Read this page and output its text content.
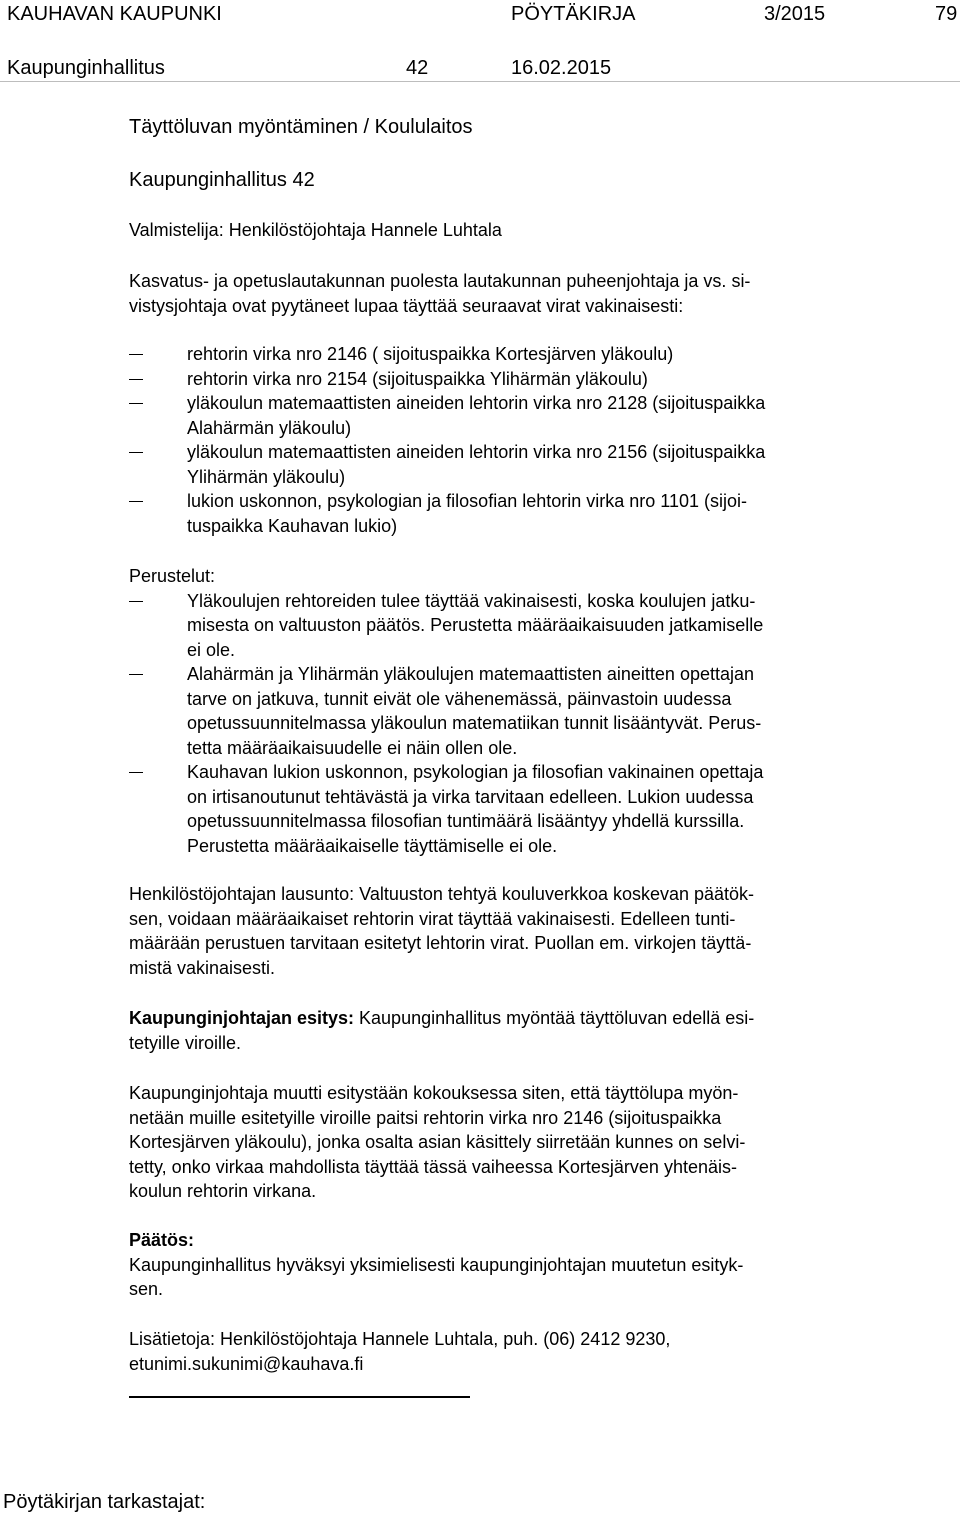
KAUHAVAN KAUPUNKI	PÖYTÄKIRJA	3/2015	79
Kaupunginhallitus	42	16.02.2015
Täyttöluvan myöntäminen / Koululaitos
Kaupunginhallitus 42
Valmistelija: Henkilöstöjohtaja Hannele Luhtala
Kasvatus- ja opetuslautakunnan puolesta lautakunnan puheenjohtaja ja vs. si-
vistysjohtaja ovat pyytäneet lupaa täyttää seuraavat virat vakinaisesti:
rehtorin virka nro 2146 ( sijoituspaikka Kortesjärven yläkoulu)
rehtorin virka nro 2154 (sijoituspaikka Ylihärmän yläkoulu)
yläkoulun matemaattisten aineiden lehtorin virka nro 2128 (sijoituspaikka
Alahärmän yläkoulu)
yläkoulun matemaattisten aineiden lehtorin virka nro 2156 (sijoituspaikka
Ylihärmän yläkoulu)
lukion uskonnon, psykologian ja filosofian lehtorin virka nro 1101 (sijoi-
tuspaikka Kauhavan lukio)
Perustelut:
Yläkoulujen rehtoreiden tulee täyttää vakinaisesti, koska koulujen jatku-
misesta on valtuuston päätös. Perustetta määräaikaisuuden jatkamiselle
ei ole.
Alahärmän ja Ylihärmän yläkoulujen matemaattisten aineitten opettajan
tarve on jatkuva, tunnit eivät ole vähenemässä, päinvastoin uudessa
opetussuunnitelmassa yläkoulun matematiikan tunnit lisääntyvät. Perus-
tetta määräaikaisuudelle ei näin ollen ole.
Kauhavan lukion uskonnon, psykologian ja filosofian vakinainen opettaja
on irtisanoutunut tehtävästä ja virka tarvitaan edelleen. Lukion uudessa
opetussuunnitelmassa filosofian tuntimäärä lisääntyy yhdellä kurssilla.
Perustetta määräaikaiselle täyttämiselle ei ole.
Henkilöstöjohtajan lausunto: Valtuuston tehtyä kouluverkkoa koskevan päätök-
sen, voidaan määräaikaiset rehtorin virat täyttää vakinaisesti. Edelleen tunti-
määrään perustuen tarvitaan esitetyt lehtorin virat. Puollan em. virkojen täyttä-
mistä vakinaisesti.
Kaupunginjohtajan esitys: Kaupunginhallitus myöntää täyttöluvan edellä esi-
tetyille viroille.
Kaupunginjohtaja muutti esitystään kokouksessa siten, että täyttölupa myön-
netään muille esitetyille viroille paitsi rehtorin virka nro 2146 (sijoituspaikka
Kortesjärven yläkoulu), jonka osalta asian käsittely siirretään kunnes on selvi-
tetty, onko virkaa mahdollista täyttää tässä vaiheessa Kortesjärven yhtenäis-
koulun rehtorin virkana.
Päätös:
Kaupunginhallitus hyväksyi yksimielisesti kaupunginjohtajan muutetun esityk-
sen.
Lisätietoja: Henkilöstöjohtaja Hannele Luhtala, puh. (06) 2412 9230,
etunimi.sukunimi@kauhava.fi
Pöytäkirjan tarkastajat:
